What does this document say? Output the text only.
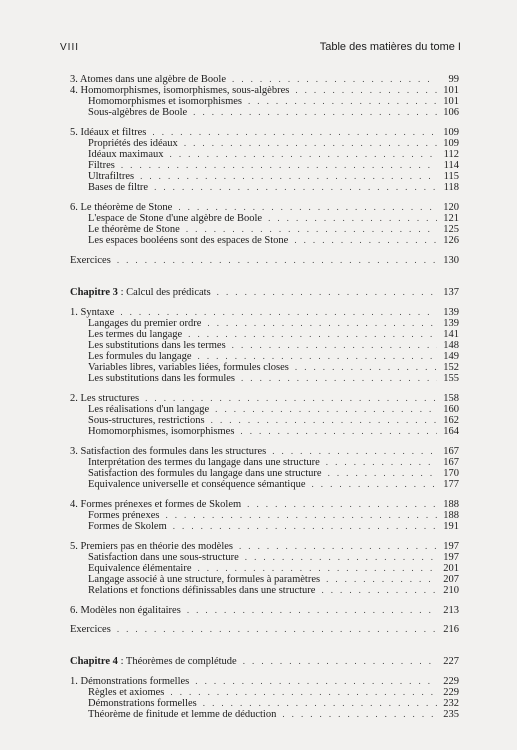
VIII	Table des matières du tome I
3. Atomes dans une algèbre de Boole . . .	99
4. Homomorphismes, isomorphismes, sous-algèbres . . .	101
Homomorphismes et isomorphismes . . .	101
Sous-algèbres de Boole . . .	106
5. Idéaux et filtres . . .	109
Propriétés des idéaux . . .	109
Idéaux maximaux . . .	112
Filtres . . .	114
Ultrafiltres . . .	115
Bases de filtre . . .	118
6. Le théorème de Stone . . .	120
L'espace de Stone d'une algèbre de Boole . . .	121
Le théorème de Stone . . .	125
Les espaces booléens sont des espaces de Stone . . .	126
Exercices . . .	130
Chapitre 3 : Calcul des prédicats . . .	137
1. Syntaxe . . .	139
Langages du premier ordre . . .	139
Les termes du langage . . .	141
Les substitutions dans les termes . . .	148
Les formules du langage . . .	149
Variables libres, variables liées, formules closes . . .	152
Les substitutions dans les formules . . .	155
2. Les structures . . .	158
Les réalisations d'un langage . . .	160
Sous-structures, restrictions . . .	162
Homomorphismes, isomorphismes . . .	164
3. Satisfaction des formules dans les structures . . .	167
Interprétation des termes du langage dans une structure . . .	167
Satisfaction des formules du langage dans une structure . . .	170
Equivalence universelle et conséquence sémantique . . .	177
4. Formes prénexes et formes de Skolem . . .	188
Formes prénexes . . .	188
Formes de Skolem . . .	191
5. Premiers pas en théorie des modèles . . .	197
Satisfaction dans une sous-structure . . .	197
Equivalence élémentaire . . .	201
Langage associé à une structure, formules à paramètres . . .	207
Relations et fonctions définissables dans une structure . . .	210
6. Modèles non égalitaires . . .	213
Exercices . . .	216
Chapitre 4 : Théorèmes de complétude . . .	227
1. Démonstrations formelles . . .	229
Règles et axiomes . . .	229
Démonstrations formelles . . .	232
Théorème de finitude et lemme de déduction . . .	235
